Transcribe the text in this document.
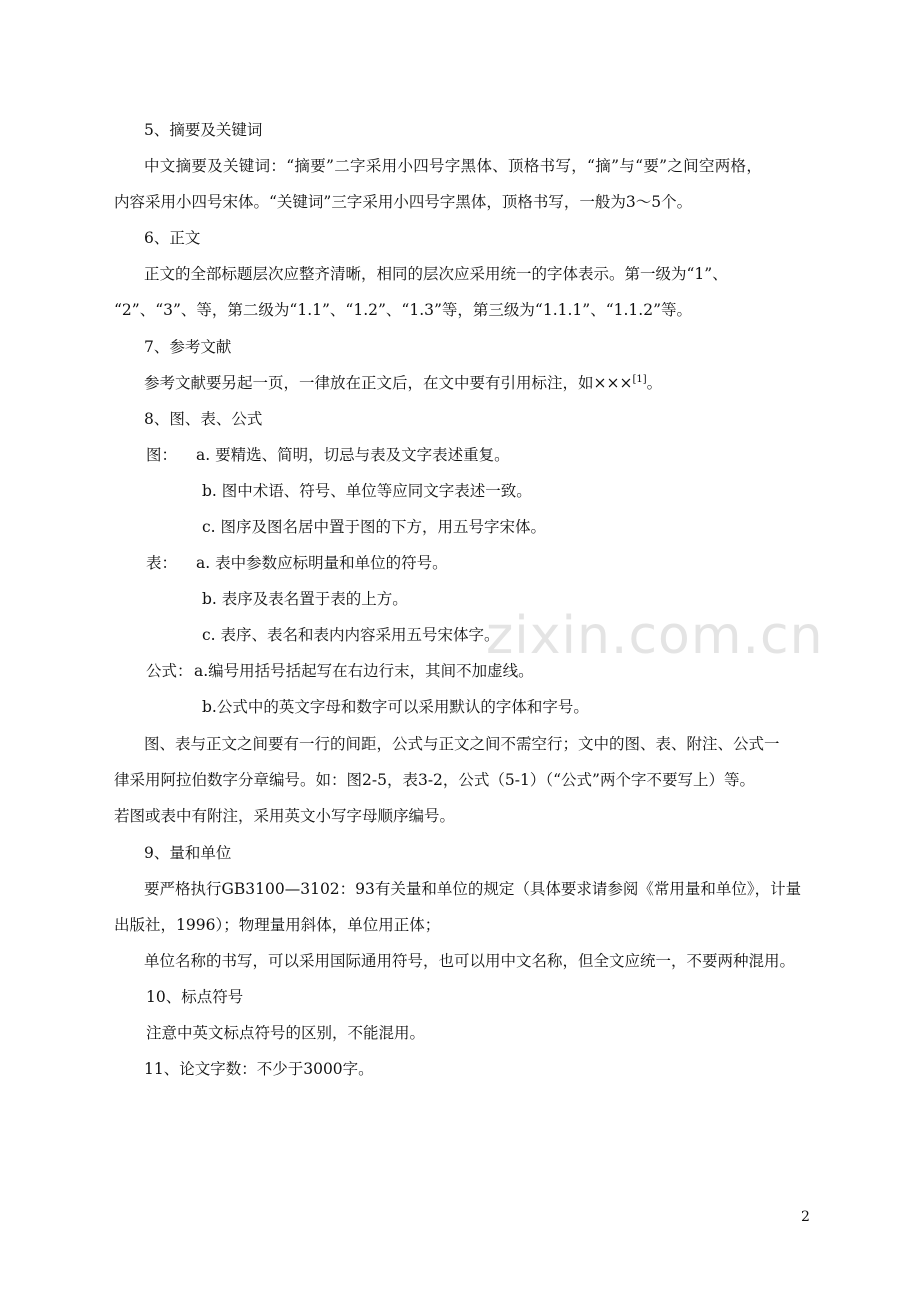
zixin.com.cn
5、摘要及关键词
中文摘要及关键词：“摘要”二字采用小四号字黑体、顶格书写，“摘”与“要”之间空两格，
内容采用小四号宋体。“关键词”三字采用小四号字黑体，顶格书写，一般为3～5个。
6、正文
正文的全部标题层次应整齐清晰，相同的层次应采用统一的字体表示。第一级为“1”、
“2”、“3”、等，第二级为“1.1”、“1.2”、“1.3”等，第三级为“1.1.1”、“1.1.2”等。
7、参考文献
参考文献要另起一页，一律放在正文后，在文中要有引用标注，如×××[1]。
8、图、表、公式
图： a. 要精选、简明，切忌与表及文字表述重复。
b. 图中术语、符号、单位等应同文字表述一致。
c. 图序及图名居中置于图的下方，用五号字宋体。
表： a. 表中参数应标明量和单位的符号。
b. 表序及表名置于表的上方。
c. 表序、表名和表内内容采用五号宋体字。
公式： a.编号用括号括起写在右边行末，其间不加虚线。
b.公式中的英文字母和数字可以采用默认的字体和字号。
图、表与正文之间要有一行的间距，公式与正文之间不需空行；文中的图、表、附注、公式一
律采用阿拉伯数字分章编号。如：图2-5，表3-2，公式（5-1）（“公式”两个字不要写上）等。
若图或表中有附注，采用英文小写字母顺序编号。
9、量和单位
要严格执行GB3100—3102：93有关量和单位的规定（具体要求请参阅《常用量和单位》，计量
出版社，1996）；物理量用斜体，单位用正体；
单位名称的书写，可以采用国际通用符号，也可以用中文名称，但全文应统一，不要两种混用。
10、标点符号
注意中英文标点符号的区别，不能混用。
11、论文字数：不少于3000字。
2
